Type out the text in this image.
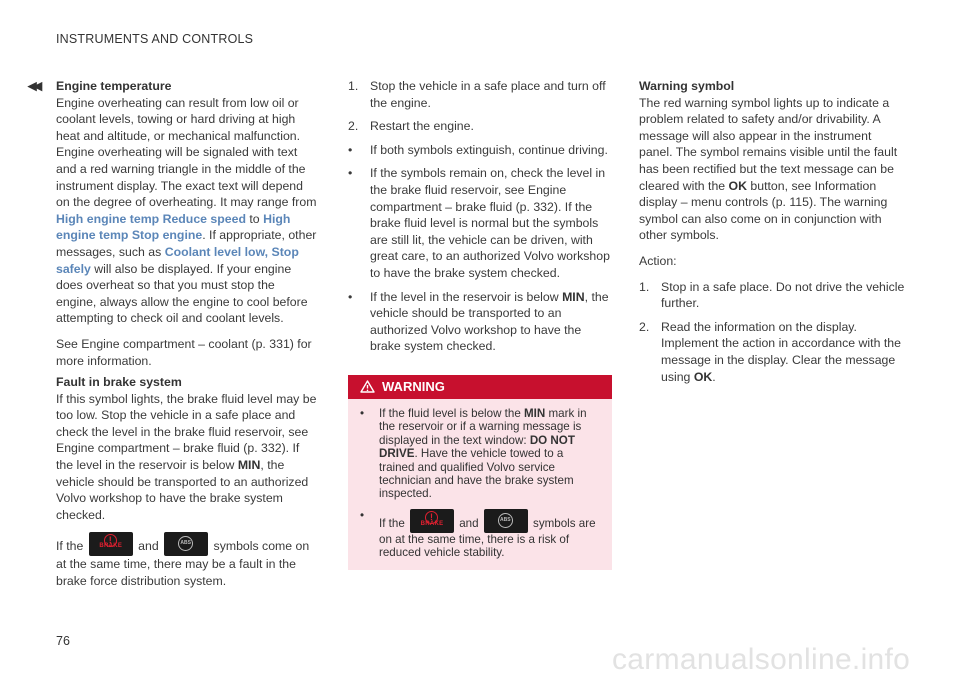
INSTRUMENTS AND CONTROLS
◂◂ Engine temperature

Engine overheating can result from low oil or coolant levels, towing or hard driving at high heat and altitude, or mechanical malfunction. Engine overheating will be signaled with text and a red warning triangle in the middle of the instrument display. The exact text will depend on the degree of overheating. It may range from High engine temp Reduce speed to High engine temp Stop engine. If appropriate, other messages, such as Coolant level low, Stop safely will also be displayed. If your engine does overheat so that you must stop the engine, always allow the engine to cool before attempting to check oil and coolant levels.

See Engine compartment – coolant (p. 331) for more information.

Fault in brake system

If this symbol lights, the brake fluid level may be too low. Stop the vehicle in a safe place and check the level in the brake fluid reservoir, see Engine compartment – brake fluid (p. 332). If the level in the reservoir is below MIN, the vehicle should be transported to an authorized Volvo workshop to have the brake system checked.

If the	!
BRAKE	and	ABS symbols come on at the same time, there may be a fault in the brake force distribution system.

1. Stop the vehicle in a safe place and turn off the engine.
2. Restart the engine.
• If both symbols extinguish, continue driving.
• If the symbols remain on, check the level in the brake fluid reservoir, see Engine compartment – brake fluid (p. 332). If the brake fluid level is normal but the symbols are still lit, the vehicle can be driven, with great care, to an authorized Volvo workshop to have the brake system checked.
• If the level in the reservoir is below MIN, the vehicle should be transported to an authorized Volvo workshop to have the brake system checked.
WARNING
• If the fluid level is below the MIN mark in the reservoir or if a warning message is displayed in the text window: DO NOT DRIVE. Have the vehicle towed to a trained and qualified Volvo service technician and have the brake system inspected.
•
If the	!
BRAKE	and	ABS symbols are on at the same time, there is a risk of reduced vehicle stability.

Warning symbol

The red warning symbol lights up to indicate a problem related to safety and/or drivability. A message will also appear in the instrument panel. The symbol remains visible until the fault has been rectified but the text message can be cleared with the OK button, see Information display – menu controls (p. 115). The warning symbol can also come on in conjunction with other symbols.

Action:

1. Stop in a safe place. Do not drive the vehicle further.
2. Read the information on the display. Implement the action in accordance with the message in the display. Clear the message using OK.
76
carmanualsonline.info
